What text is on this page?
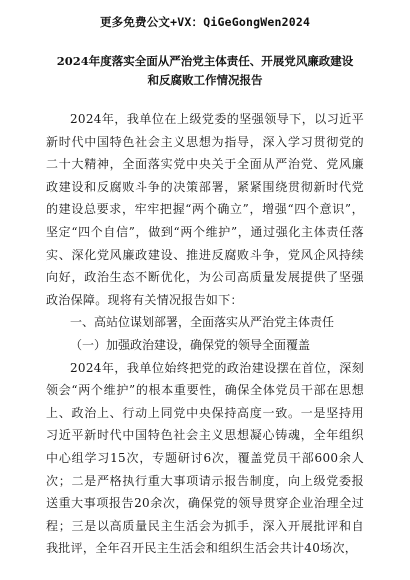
更多免费公文+VX：QiGeGongWen2024
2024年度落实全面从严治党主体责任、开展党风廉政建设
和反腐败工作情况报告

2024年，我单位在上级党委的坚强领导下，以习近平新时代中国特色社会主义思想为指导，深入学习贯彻党的二十大精神，全面落实党中央关于全面从严治党、党风廉政建设和反腐败斗争的决策部署，紧紧围绕贯彻新时代党的建设总要求，牢牢把握“两个确立”，增强“四个意识”，坚定“四个自信”，做到“两个维护”，通过强化主体责任落实、深化党风廉政建设、推进反腐败斗争，党风企风持续向好，政治生态不断优化，为公司高质量发展提供了坚强政治保障。现将有关情况报告如下：

一、高站位谋划部署，全面落实从严治党主体责任

（一）加强政治建设，确保党的领导全面覆盖

2024年，我单位始终把党的政治建设摆在首位，深刻领会“两个维护”的根本重要性，确保全体党员干部在思想上、政治上、行动上同党中央保持高度一致。一是坚持用习近平新时代中国特色社会主义思想凝心铸魂，全年组织中心组学习15次，专题研讨6次，覆盖党员干部600余人次；二是严格执行重大事项请示报告制度，向上级党委报送重大事项报告20余次，确保党的领导贯穿企业治理全过程；三是以高质量民主生活会为抓手，深入开展批评和自我批评，全年召开民主生活会和组织生活会共计40场次，
